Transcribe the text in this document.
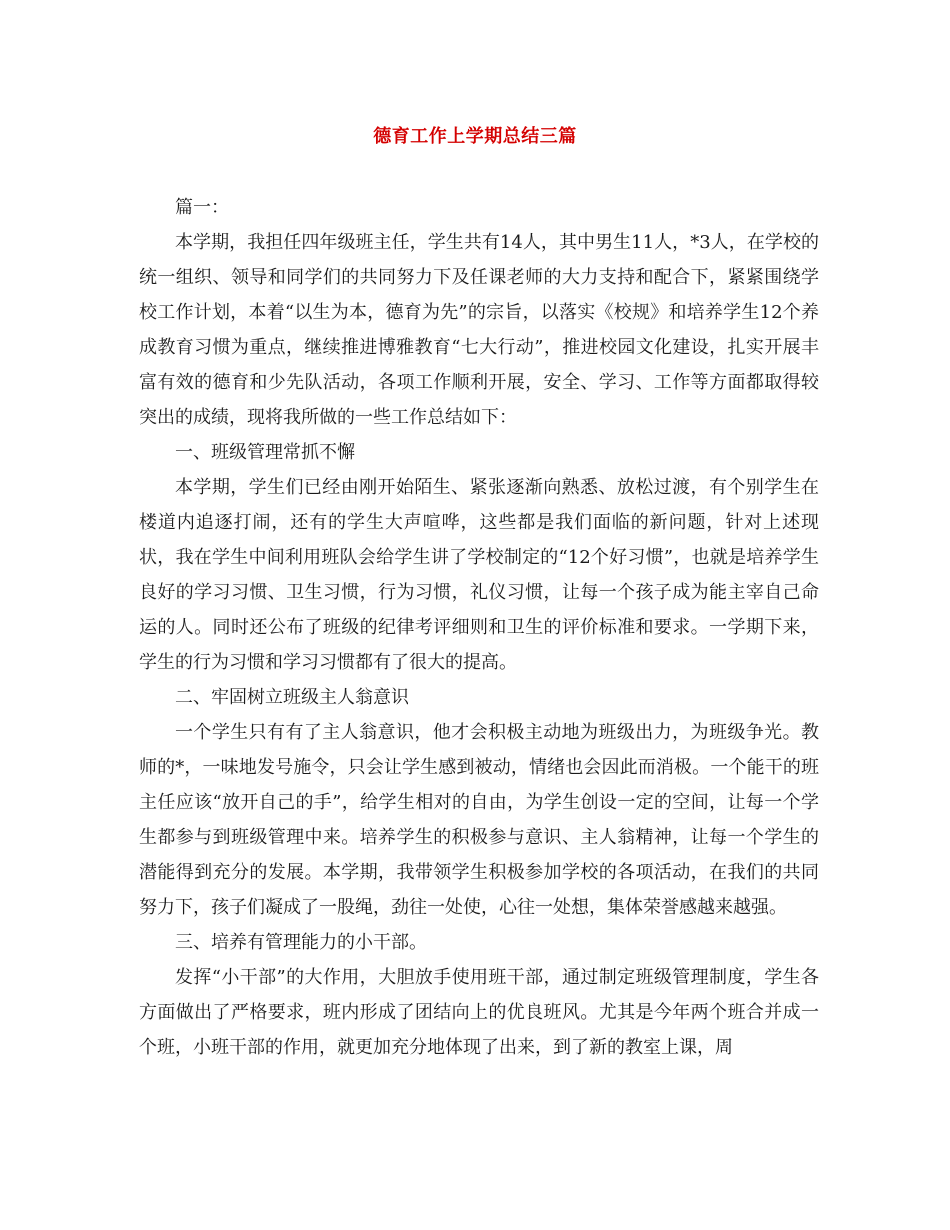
德育工作上学期总结三篇

篇一：

本学期，我担任四年级班主任，学生共有14人，其中男生11人，*3人，在学校的统一组织、领导和同学们的共同努力下及任课老师的大力支持和配合下，紧紧围绕学校工作计划，本着“以生为本，德育为先”的宗旨，以落实《校规》和培养学生12个养成教育习惯为重点，继续推进博雅教育“七大行动”，推进校园文化建设，扎实开展丰富有效的德育和少先队活动，各项工作顺利开展，安全、学习、工作等方面都取得较突出的成绩，现将我所做的一些工作总结如下：

一、班级管理常抓不懈

本学期，学生们已经由刚开始陌生、紧张逐渐向熟悉、放松过渡，有个别学生在楼道内追逐打闹，还有的学生大声喧哗，这些都是我们面临的新问题，针对上述现状，我在学生中间利用班队会给学生讲了学校制定的“12个好习惯”，也就是培养学生良好的学习习惯、卫生习惯，行为习惯，礼仪习惯，让每一个孩子成为能主宰自己命运的人。同时还公布了班级的纪律考评细则和卫生的评价标准和要求。一学期下来，学生的行为习惯和学习习惯都有了很大的提高。

二、牢固树立班级主人翁意识

一个学生只有有了主人翁意识，他才会积极主动地为班级出力，为班级争光。教师的*，一味地发号施令，只会让学生感到被动，情绪也会因此而消极。一个能干的班主任应该“放开自己的手”，给学生相对的自由，为学生创设一定的空间，让每一个学生都参与到班级管理中来。培养学生的积极参与意识、主人翁精神，让每一个学生的潜能得到充分的发展。本学期，我带领学生积极参加学校的各项活动，在我们的共同努力下，孩子们凝成了一股绳，劲往一处使，心往一处想，集体荣誉感越来越强。

三、培养有管理能力的小干部。

发挥“小干部”的大作用，大胆放手使用班干部，通过制定班级管理制度，学生各方面做出了严格要求，班内形成了团结向上的优良班风。尤其是今年两个班合并成一个班，小班干部的作用，就更加充分地体现了出来，到了新的教室上课，周
